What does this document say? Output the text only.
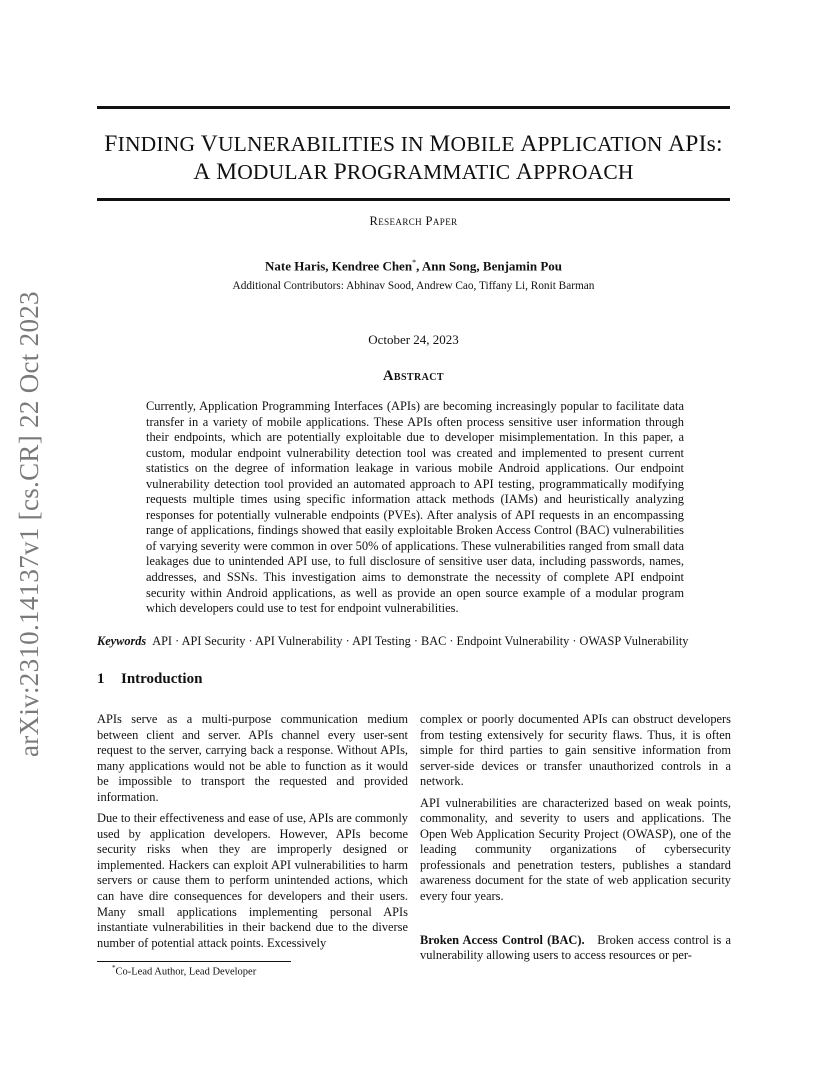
arXiv:2310.14137v1 [cs.CR] 22 Oct 2023
FINDING VULNERABILITIES IN MOBILE APPLICATION APIs:
A MODULAR PROGRAMMATIC APPROACH
Research Paper
Nate Haris, Kendree Chen*, Ann Song, Benjamin Pou
Additional Contributors: Abhinav Sood, Andrew Cao, Tiffany Li, Ronit Barman
October 24, 2023
Abstract

Currently, Application Programming Interfaces (APIs) are becoming increasingly popular to facilitate data transfer in a variety of mobile applications. These APIs often process sensitive user information through their endpoints, which are potentially exploitable due to developer misimplementation. In this paper, a custom, modular endpoint vulnerability detection tool was created and implemented to present current statistics on the degree of information leakage in various mobile Android applications. Our endpoint vulnerability detection tool provided an automated approach to API testing, programmatically modifying requests multiple times using specific information attack methods (IAMs) and heuristically analyzing responses for potentially vulnerable endpoints (PVEs). After analysis of API requests in an encompassing range of applications, findings showed that easily exploitable Broken Access Control (BAC) vulnerabilities of varying severity were common in over 50% of applications. These vulnerabilities ranged from small data leakages due to unintended API use, to full disclosure of sensitive user data, including passwords, names, addresses, and SSNs. This investigation aims to demonstrate the necessity of complete API endpoint security within Android applications, as well as provide an open source example of a modular program which developers could use to test for endpoint vulnerabilities.

Keywords API · API Security · API Vulnerability · API Testing · BAC · Endpoint Vulnerability · OWASP Vulnerability
1 Introduction

APIs serve as a multi-purpose communication medium between client and server. APIs channel every user-sent request to the server, carrying back a response. Without APIs, many applications would not be able to function as it would be impossible to transport the requested and provided information.

Due to their effectiveness and ease of use, APIs are commonly used by application developers. However, APIs become security risks when they are improperly designed or implemented. Hackers can exploit API vulnerabilities to harm servers or cause them to perform unintended actions, which can have dire consequences for developers and their users. Many small applications implementing personal APIs instantiate vulnerabilities in their backend due to the diverse number of potential attack points. Excessively

complex or poorly documented APIs can obstruct developers from testing extensively for security flaws. Thus, it is often simple for third parties to gain sensitive information from server-side devices or transfer unauthorized controls in a network.

API vulnerabilities are characterized based on weak points, commonality, and severity to users and applications. The Open Web Application Security Project (OWASP), one of the leading community organizations of cybersecurity professionals and penetration testers, publishes a standard awareness document for the state of web application security every four years.

Broken Access Control (BAC). Broken access control is a vulnerability allowing users to access resources or per-

*Co-Lead Author, Lead Developer
